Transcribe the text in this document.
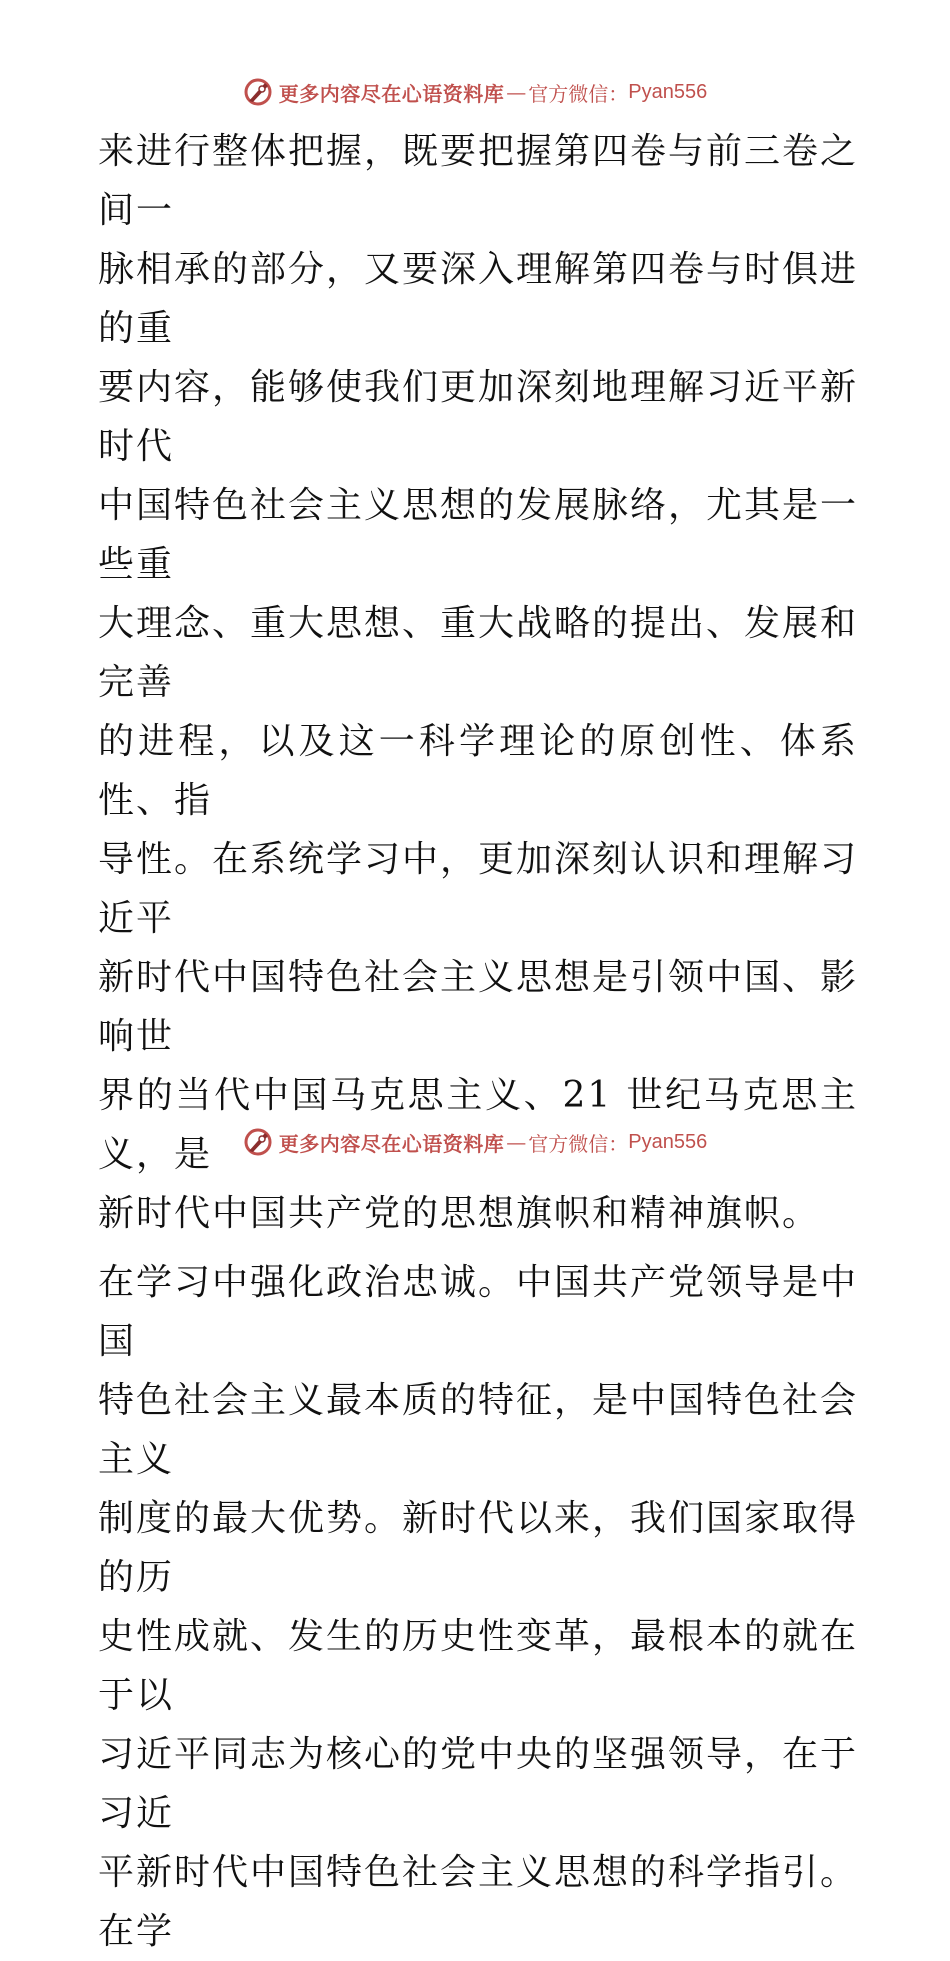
更多内容尽在心语资料库 — 官方微信： Pyan556

来进行整体把握，既要把握第四卷与前三卷之间一
脉相承的部分，又要深入理解第四卷与时俱进的重
要内容，能够使我们更加深刻地理解习近平新时代
中国特色社会主义思想的发展脉络，尤其是一些重
大理念、重大思想、重大战略的提出、发展和完善
的进程，以及这一科学理论的原创性、体系性、指
导性。在系统学习中，更加深刻认识和理解习近平
新时代中国特色社会主义思想是引领中国、影响世
界的当代中国马克思主义、21 世纪马克思主义，是
新时代中国共产党的思想旗帜和精神旗帜。

在学习中强化政治忠诚。中国共产党领导是中国
特色社会主义最本质的特征，是中国特色社会主义
制度的最大优势。新时代以来，我们国家取得的历
史性成就、发生的历史性变革，最根本的就在于以
习近平同志为核心的党中央的坚强领导，在于习近
平新时代中国特色社会主义思想的科学指引。在学

更多内容尽在心语资料库 — 官方微信： Pyan556
